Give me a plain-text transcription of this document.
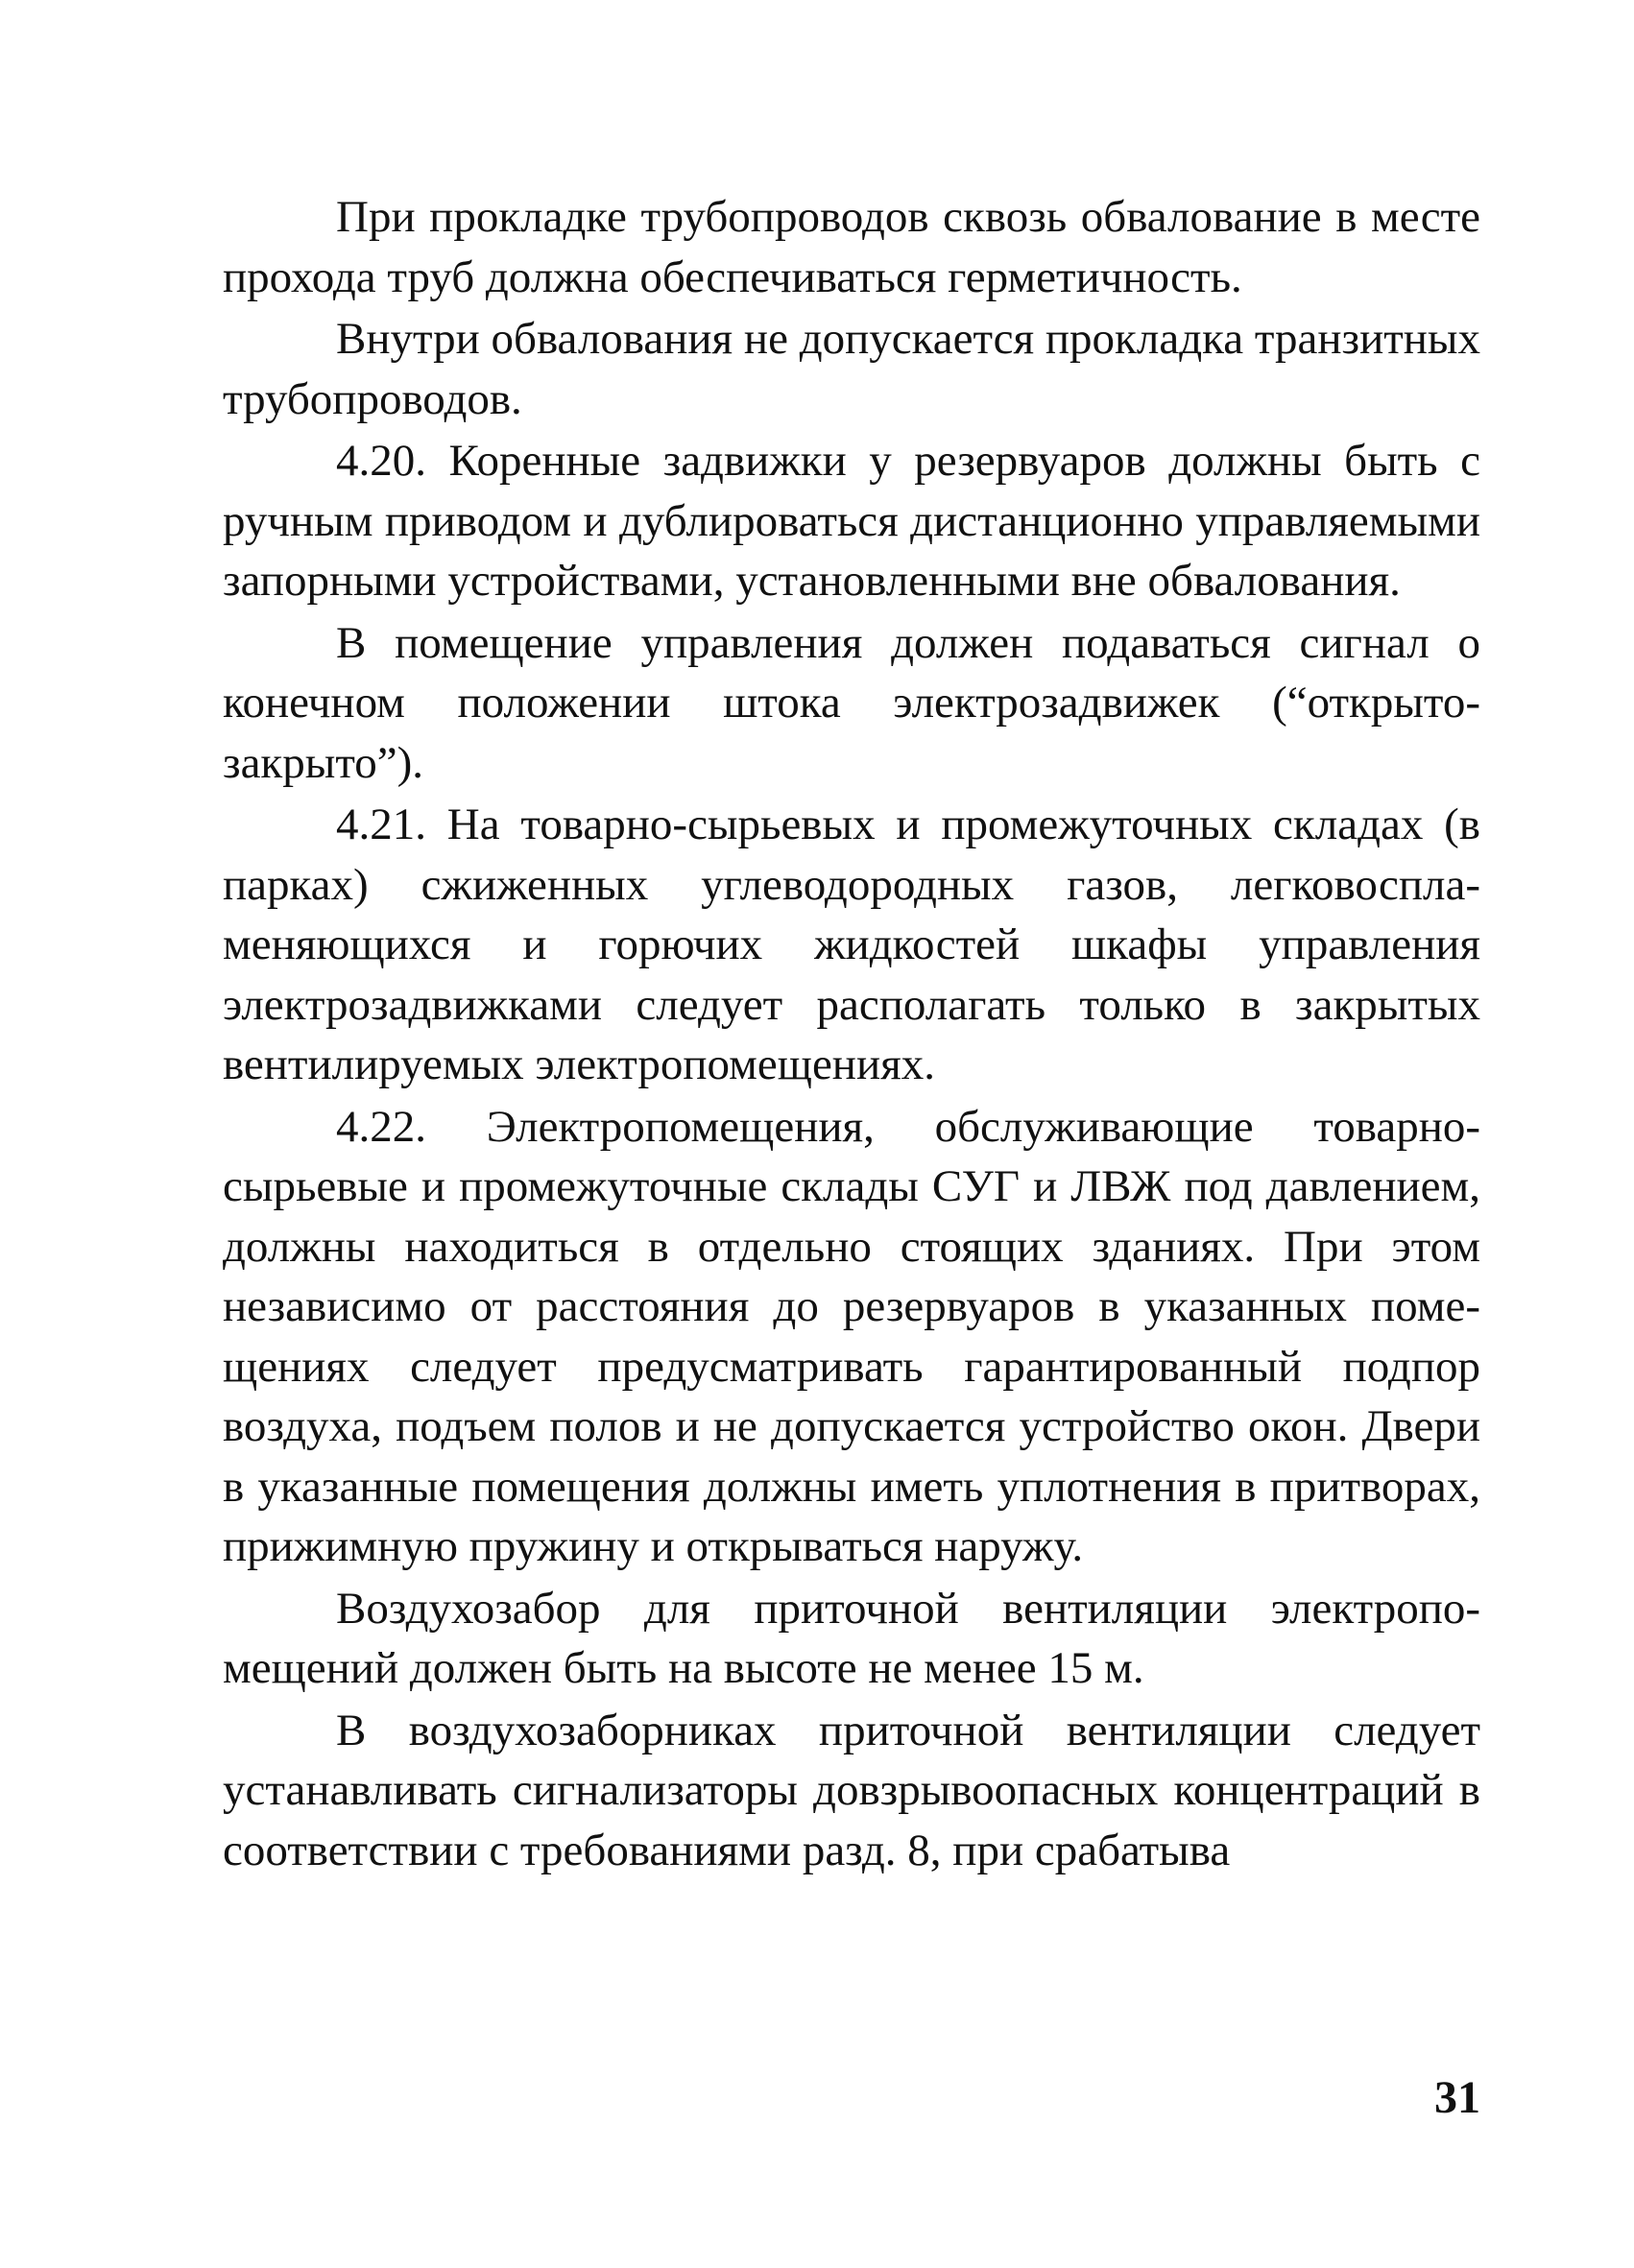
При прокладке трубопроводов сквозь обвалование в месте прохода труб должна обеспечиваться герметичность.

Внутри обвалования не допускается прокладка транзитных трубопроводов.

4.20. Коренные задвижки у резервуаров должны быть с ручным приводом и дублироваться дистанционно управляемыми запорными устройствами, установленными вне обвалования.

В помещение управления должен подаваться сигнал о конечном положении штока электрозадвижек (“открыто-закрыто”).

4.21. На товарно-сырьевых и промежуточных складах (в парках) сжиженных углеводородных газов, легковоспламеняющихся и горючих жидкостей шкафы управления электрозадвижками следует располагать только в закрытых вентилируемых электропомещениях.

4.22. Электропомещения, обслуживающие товарно-сырьевые и промежуточные склады СУГ и ЛВЖ под давлением, должны находиться в отдельно стоящих зданиях. При этом независимо от расстояния до резервуаров в указанных помещениях следует предусматривать гарантированный подпор воздуха, подъем полов и не допускается устройство окон. Двери в указанные помещения должны иметь уплотнения в притворах, прижимную пружину и открываться наружу.

Воздухозабор для приточной вентиляции электропомещений должен быть на высоте не менее 15 м.

В воздухозаборниках приточной вентиляции следует устанавливать сигнализаторы довзрывоопасных концентраций в соответствии с требованиями разд. 8, при срабатыва

31
